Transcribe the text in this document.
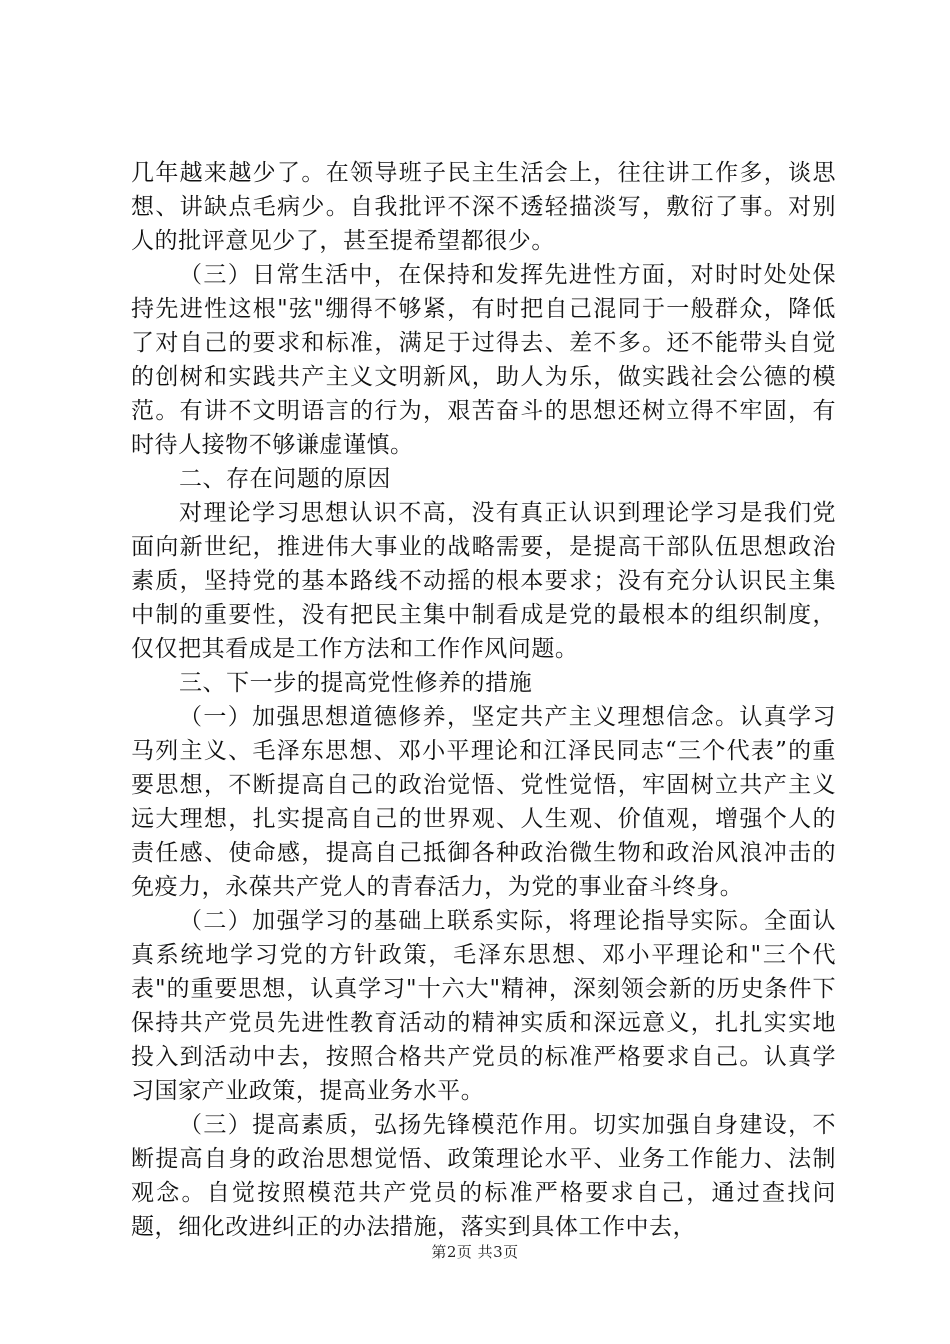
几年越来越少了。在领导班子民主生活会上，往往讲工作多，谈思想、讲缺点毛病少。自我批评不深不透轻描淡写，敷衍了事。对别人的批评意见少了，甚至提希望都很少。

（三）日常生活中，在保持和发挥先进性方面，对时时处处保持先进性这根"弦"绷得不够紧，有时把自己混同于一般群众，降低了对自己的要求和标准，满足于过得去、差不多。还不能带头自觉的创树和实践共产主义文明新风，助人为乐，做实践社会公德的模范。有讲不文明语言的行为，艰苦奋斗的思想还树立得不牢固，有时待人接物不够谦虚谨慎。

二、存在问题的原因

对理论学习思想认识不高，没有真正认识到理论学习是我们党面向新世纪，推进伟大事业的战略需要，是提高干部队伍思想政治素质，坚持党的基本路线不动摇的根本要求；没有充分认识民主集中制的重要性，没有把民主集中制看成是党的最根本的组织制度，仅仅把其看成是工作方法和工作作风问题。

三、下一步的提高党性修养的措施

（一）加强思想道德修养，坚定共产主义理想信念。认真学习马列主义、毛泽东思想、邓小平理论和江泽民同志“三个代表”的重要思想，不断提高自己的政治觉悟、党性觉悟，牢固树立共产主义远大理想，扎实提高自己的世界观、人生观、价值观，增强个人的责任感、使命感，提高自己抵御各种政治微生物和政治风浪冲击的免疫力，永葆共产党人的青春活力，为党的事业奋斗终身。

（二）加强学习的基础上联系实际，将理论指导实际。全面认真系统地学习党的方针政策，毛泽东思想、邓小平理论和"三个代表"的重要思想，认真学习"十六大"精神，深刻领会新的历史条件下保持共产党员先进性教育活动的精神实质和深远意义，扎扎实实地投入到活动中去，按照合格共产党员的标准严格要求自己。认真学习国家产业政策，提高业务水平。

（三）提高素质，弘扬先锋模范作用。切实加强自身建设，不断提高自身的政治思想觉悟、政策理论水平、业务工作能力、法制观念。自觉按照模范共产党员的标准严格要求自己，通过查找问题，细化改进纠正的办法措施，落实到具体工作中去，

第2页 共3页
